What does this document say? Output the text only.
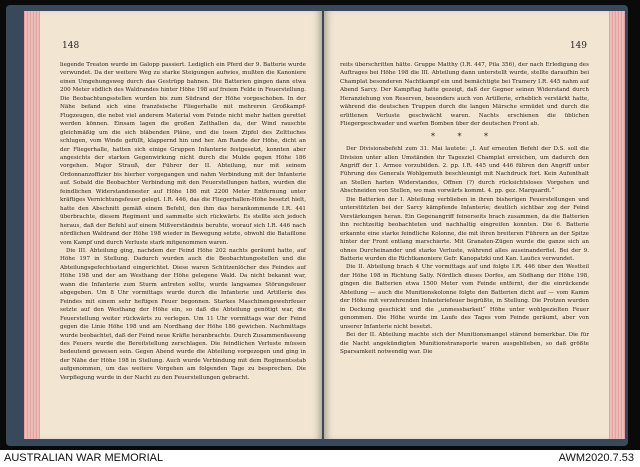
148

liegende Treaton wurde im Galopp passiert. Lediglich ein Pferd der 9. Batterie wurde verwundet. Da der weitere Weg zu starke Steigungen aufwies, mußten die Kanoniere einen Umgehungsweg durch das Gestrüpp bahnen. Die Batterien gingen dann etwa 200 Meter südlich des Waldrandes hinter Höhe 198 auf freiem Felde in Feuerstellung. Die Beobachtungsstellen wurden bis zum Südrand der Höhe vorgeschoben. In der Nähe befand sich eine französische Fliegerhalle mit mehreren Großkampf-Flugzeugen, die nebst viel anderem Material vom Feinde nicht mehr hatten gerettet werden können. Einsam lagen die großen Zelthallen da, der Wind rauschte gleichmäßig um die sich bläbenden Pläne, und die losen Zipfel des Zelttuches schlugen, vom Winde gefüllt, klappernd hin und her. Am Rande der Höhe, dicht an der Fliegerhalle, hatten sich einige Gruppen Infanterie festgesetzt, konnten aber angesichts der starken Gegenwirkung nicht durch die Mulde gegen Höhe 186 vorgehen. Major Strauß, der Führer der II. Abteilung, nur mit seinem Ordonnanzoffizier bis hierher vorgegangen und nahm Verbindung mit der Infanterie auf. Sobald die Beobachter Verbindung mit den Feuerstellungen hatten, wurden die feindlichen Widerstandsnester auf Höhe 186 mit 2200 Meter Entfernung unter kräftiges Vernichtungsfeuer gelegt. I.R. 446, das die Fliegerhallen-Höhe besetzt hielt, hatte den Abschnitt gemäß einem Befehl, den ihm das herankommende I.R. 441 überbrachte, diesem Regiment und sammelte sich rückwärts. Es stellte sich jedoch heraus, daß der Befehl auf einem Mißverständnis beruhte, worauf sich I.R. 446 nach nördlichen Waldrand der Höhe 198 wieder in Bewegung setzte, obwohl die Bataillone vom Kampf und durch Verluste stark mitgenommen waren.

Die III. Abteilung ging, nachdem der Feind Höhe 202 nachts geräumt hatte, auf Höhe 197 in Stellung. Dadurch wurden auch die Beobachtungsstellen und die Abteilungsgefechtsstand eingerichtet. Diese waren Schützenlöcher des Feindes auf Höhe 198 und der am Westhang der Höhe gelegene Wald. Da nicht bekannt war, wann die Infanterie zum Sturm antreten sollte, wurde langsames Störungsfeuer abgegeben. Um 8 Uhr vormittags wurde durch die Infanterie und Artillerie des Feindes mit einem sehr heftigen Feuer begonnen. Starkes Maschinengewehrfeuer setzte auf den Westhang der Höhe ein, so daß die Abteilung genötigt war, die Feuerstellung weiter rückwärts zu verlegen. Um 11 Uhr vormittags war der Feind gegen die Linie Höhe 198 und am Nordhang der Höhe 186 gewichen. Nachmittags wurde beobachtet, daß der Feind neue Kräfte heranbrachte. Durch Zusammenfassung des Feuers wurde die Bereitstellung zerschlagen. Die feindlichen Verluste müssen bedeutend gewesen sein. Gegen Abend wurde die Abteilung vorgezogen und ging in der Nähe der Höhe 198 in Stellung. Auch wurde Verbindung mit dem Regimentsstab aufgenommen, um das weitere Vorgehen am folgenden Tage zu besprechen. Die Verpflegung wurde in der Nacht zu den Feuerstellungen gebracht.

149

reits überschritten hätte. Gruppe Matthy (I.R. 447, Pila 356), der nach Erledigung des Auftrages bei Höhe 198 die III. Abteilung dann unterstellt wurde, stellte daraufhin bei Champlat besonderen Nachtkampf ein und bemächtigte bei Tramery I.R. 445 nahm auf Abend Sarcy. Der Kampftag hatte gezeigt, daß der Gegner seinen Widerstand durch Heranziehung von Reserven, besonders auch von Artillerie, erheblich verstärkt hatte, während die deutschen Truppen durch die langen Märsche ermüdet und durch die erlittenen Verluste geschwächt waren. Nachts erschienen die üblichen Fliegergeschwader und warfen Bomben über der deutschen Front ab.

* * *

Der Divisionsbefehl zum 31. Mai lautete: „I. Auf erneuten Befehl der D.S. soll die Division unter allen Umständen ihr Tagesziel Champlat erreichen, um dadurch den Angriff der 1. Armee vorzubilden. 2. pp. I.R. 445 und 446 führen den Angriff unter Führung des Generals Wohlgemuth beschleunigt mit Nachdruck fort. Kein Aufenthalt an Stellen harten Widerstandes, Offnen (?) durch rücksichtsloses Vorgehen und Abschneiden von Stellen, wo man vorwärts kommt. 4. pp. gez. Marquardt.“

Die Batterien der I. Abteilung verblieben in ihren bisherigen Feuerstellungen und unterstützten bei der Sarcy kämpfende Infanterie; deutlich sichtbar zog der Feind Verstärkungen heran. Ein Gegenangriff feinerseits brach zusammen, da die Batterien ihn rechtzeitig beobachteten und nachhaltig eingreifen konnten. Die 6. Batterie erkannte eine starke feindliche Kolonne, die mit ihren breiteren Führern an der Spitze hinter der Front entlang marschierte. Mit Granaten-Zügen wurde die ganze sich an ohnes Durcheinander und starke Verluste, während alles auseinanderfiel. Bei der 9. Batterie wurden die Richtkanoniere Gefr. Kanopatzki und Kan. Laufics verwundet.

Die II. Abteilung brach 4 Uhr vormittags auf und folgte I.R. 446 über den Westteil der Höhe 198 in Richtung Sally. Nördlich dieses Dorfes, am Südhang der Höhe 198, gingen die Batterien etwa 1500 Meter vom Feinde entfernt, der die einrückende Abteilung — auch die Munitionskolonne folgte den Batterien dicht auf — vom Kamm der Höhe mit verzehrenden Infanteriefeuer begrüßte, in Stellung. Die Protzen wurden in Deckung geschickt und die „unmessbarkeit“ Höhe unter wohlgezielten Feuer genommen. Die Höhe wurde im Laufe des Tages vom Feinde geräumt, aber von unserer Infanterie nicht besetzt.

Bei der II. Abteilung machte sich der Munitionsmangel stärend bemerkbar. Die für die Nacht angekündigten Munitionstransporte waren ausgeblieben, so daß größte Sparsamkeit notwendig war. Die

AUSTRALIAN WAR MEMORIAL	AWM2020.7.53
